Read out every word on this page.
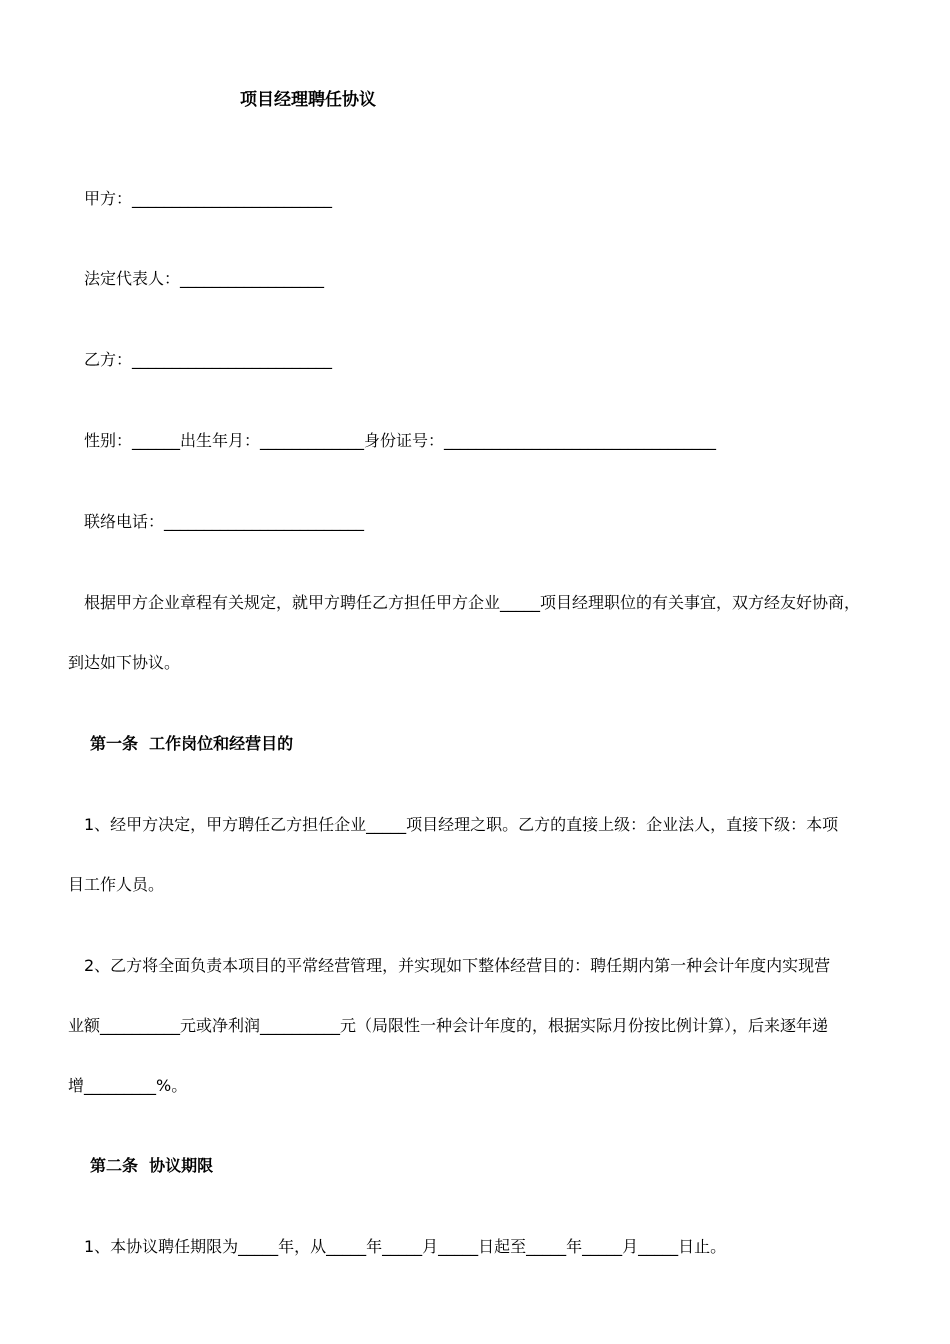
项目经理聘任协议
甲方：_________________________
法定代表人：__________________
乙方：_________________________
性别：______出生年月：_____________身份证号：__________________________________
联络电话：_________________________
根据甲方企业章程有关规定，就甲方聘任乙方担任甲方企业_____项目经理职位的有关事宜，双方经友好协商，
到达如下协议。
第一条  工作岗位和经营目的
1、经甲方决定，甲方聘任乙方担任企业_____项目经理之职。乙方的直接上级：企业法人，直接下级：本项
目工作人员。
2、乙方将全面负责本项目的平常经营管理，并实现如下整体经营目的：聘任期内第一种会计年度内实现营
业额__________元或净利润__________元（局限性一种会计年度的，根据实际月份按比例计算），后来逐年递
增_________%。
第二条  协议期限
1、本协议聘任期限为_____年，从_____年_____月_____日起至_____年_____月_____日止。
